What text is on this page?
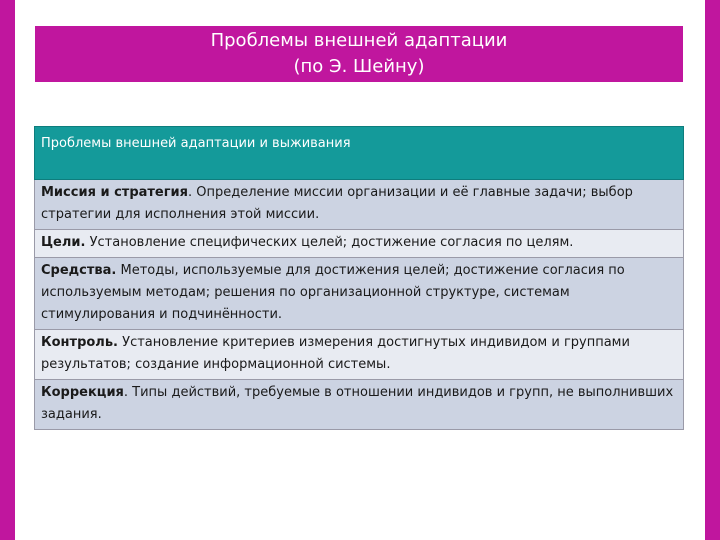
Проблемы внешней адаптации
(по Э. Шейну)
Проблемы внешней адаптации и выживания
Миссия и стратегия. Определение миссии организации и её главные задачи; выбор стратегии для исполнения этой миссии.
Цели. Установление специфических целей; достижение согласия по целям.
Средства. Методы, используемые для достижения целей; достижение согласия по используемым методам; решения по организационной структуре, системам стимулирования и подчинённости.
Контроль. Установление критериев измерения достигнутых индивидом и группами результатов; создание информационной системы.
Коррекция. Типы действий, требуемые в отношении индивидов и групп, не выполнивших задания.
